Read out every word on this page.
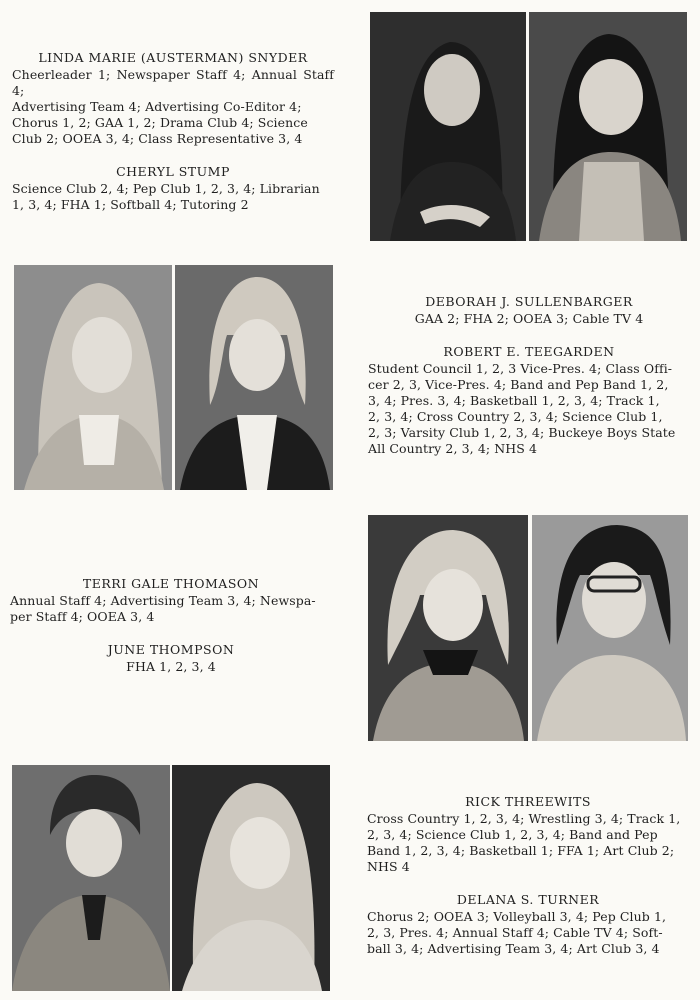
LINDA MARIE (AUSTERMAN) SNYDER
Cheerleader 1; Newspaper Staff 4; Annual Staff 4;
Advertising Team 4; Advertising Co-Editor 4;
Chorus 1, 2; GAA 1, 2; Drama Club 4; Science
Club 2; OOEA 3, 4; Class Representative 3, 4
CHERYL STUMP
Science Club 2, 4; Pep Club 1, 2, 3, 4; Librarian
1, 3, 4; FHA 1; Softball 4; Tutoring 2
DEBORAH J. SULLENBARGER
GAA 2; FHA 2; OOEA 3; Cable TV 4
ROBERT E. TEEGARDEN
Student Council 1, 2, 3 Vice-Pres. 4; Class Offi-
cer 2, 3, Vice-Pres. 4; Band and Pep Band 1, 2,
3, 4; Pres. 3, 4; Basketball 1, 2, 3, 4; Track 1,
2, 3, 4; Cross Country 2, 3, 4; Science Club 1,
2, 3; Varsity Club 1, 2, 3, 4; Buckeye Boys State
All Country 2, 3, 4; NHS 4
TERRI GALE THOMASON
Annual Staff 4; Advertising Team 3, 4; Newspa-
per Staff 4; OOEA 3, 4
JUNE THOMPSON
FHA 1, 2, 3, 4
RICK THREEWITS
Cross Country 1, 2, 3, 4; Wrestling 3, 4; Track 1,
2, 3, 4; Science Club 1, 2, 3, 4; Band and Pep
Band 1, 2, 3, 4; Basketball 1; FFA 1; Art Club 2;
NHS 4
DELANA S. TURNER
Chorus 2; OOEA 3; Volleyball 3, 4; Pep Club 1,
2, 3, Pres. 4; Annual Staff 4; Cable TV 4; Soft-
ball 3, 4; Advertising Team 3, 4; Art Club 3, 4
